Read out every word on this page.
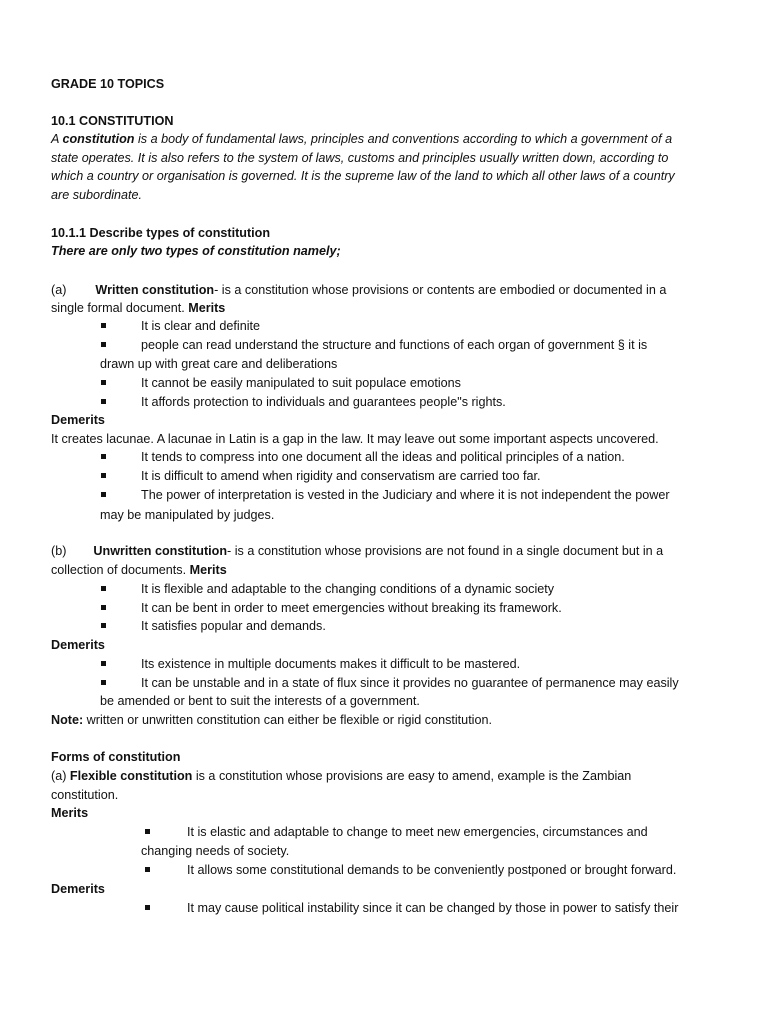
GRADE 10 TOPICS

10.1 CONSTITUTION

A constitution is a body of fundamental laws, principles and conventions according to which a government of a

state operates. It is also refers to the system of laws, customs and principles usually written down, according to

which a country or organisation is governed. It is the supreme law of the land to which all other laws of a country

are subordinate.

10.1.1 Describe types of constitution

There are only two types of constitution namely;

(a) Written constitution- is a constitution whose provisions or contents are embodied or documented in a

single formal document. Merits

It is clear and definite
people can read understand the structure and functions of each organ of government § it is
drawn up with great care and deliberations
It cannot be easily manipulated to suit populace emotions
It affords protection to individuals and guarantees people"s rights.

Demerits

It creates lacunae. A lacunae in Latin is a gap in the law. It may leave out some important aspects uncovered.

It tends to compress into one document all the ideas and political principles of a nation.
It is difficult to amend when rigidity and conservatism are carried too far.
The power of interpretation is vested in the Judiciary and where it is not independent the power
may be manipulated by judges.

(b) Unwritten constitution- is a constitution whose provisions are not found in a single document but in a

collection of documents. Merits

It is flexible and adaptable to the changing conditions of a dynamic society
It can be bent in order to meet emergencies without breaking its framework.
It satisfies popular and demands.

Demerits

Its existence in multiple documents makes it difficult to be mastered.
It can be unstable and in a state of flux since it provides no guarantee of permanence may easily
be amended or bent to suit the interests of a government.

Note: written or unwritten constitution can either be flexible or rigid constitution.

Forms of constitution

(a) Flexible constitution is a constitution whose provisions are easy to amend, example is the Zambian

constitution.

Merits

It is elastic and adaptable to change to meet new emergencies, circumstances and
changing needs of society.
It allows some constitutional demands to be conveniently postponed or brought forward.

Demerits

It may cause political instability since it can be changed by those in power to satisfy their
